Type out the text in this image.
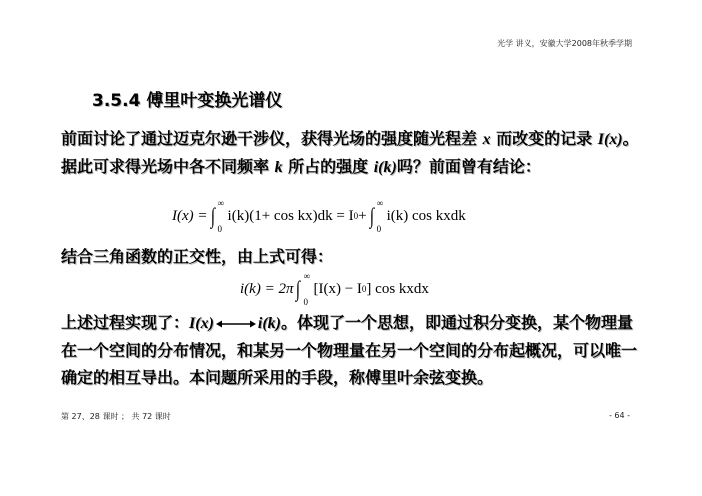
光学 讲义，安徽大学2008年秋季学期
3.5.4 傅里叶变换光谱仪
前面讨论了通过迈克尔逊干涉仪，获得光场的强度随光程差 x 而改变的记录 I(x)。据此可求得光场中各不同频率 k 所占的强度 i(k)吗？前面曾有结论：
I(x) = ∫ ∞
0
i(k)(1+ cos kx)dk = I 0 + ∫ ∞
0
i(k) cos kxdk
结合三角函数的正交性，由上式可得：
i(k) = 2π ∫ ∞
0
[I(x) − I 0 ] cos kxdx
上述过程实现了：I(x)	i(k)。体现了一个思想，即通过积分变换，某个物理量在一个空间的分布情况，和某另一个物理量在另一个空间的分布起概况，可以唯一确定的相互导出。本问题所采用的手段，称傅里叶余弦变换。
第 27、28 课时 ； 共 72 课时	- 64 -
